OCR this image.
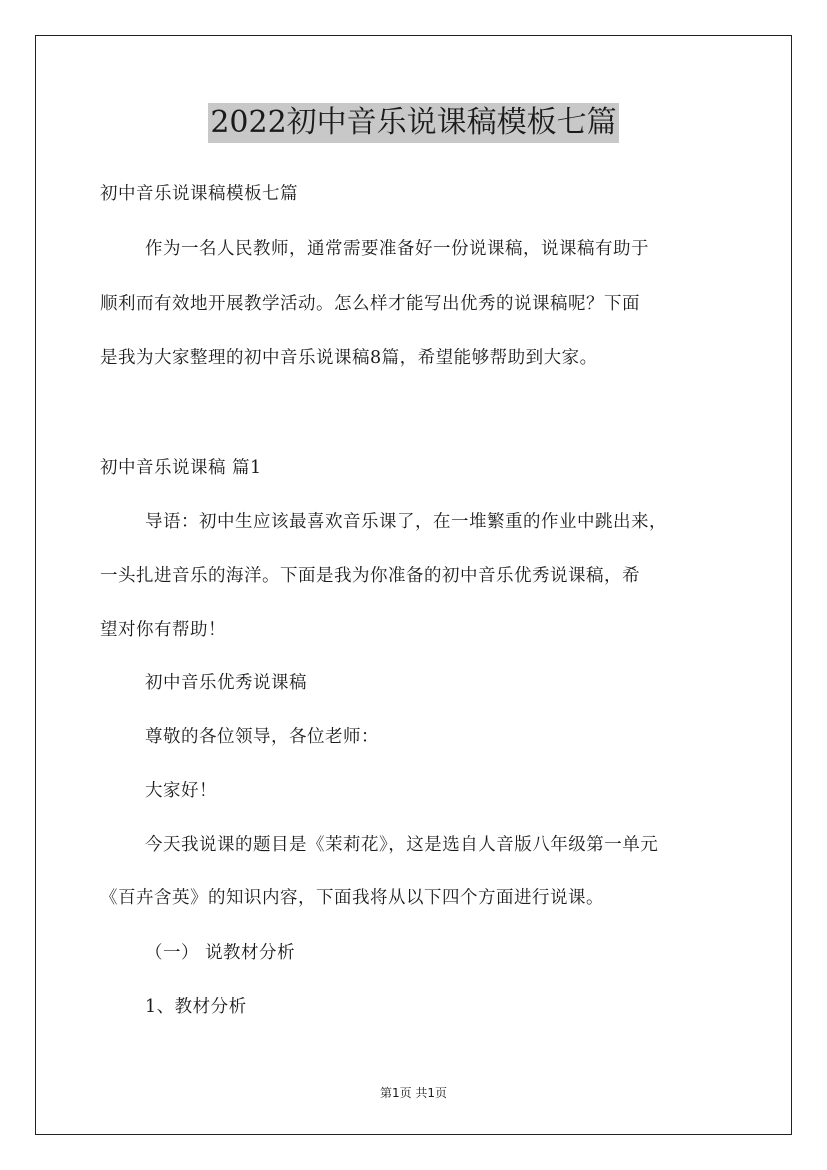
2022初中音乐说课稿模板七篇
初中音乐说课稿模板七篇
作为一名人民教师，通常需要准备好一份说课稿，说课稿有助于
顺利而有效地开展教学活动。怎么样才能写出优秀的说课稿呢？下面
是我为大家整理的初中音乐说课稿8篇，希望能够帮助到大家。
初中音乐说课稿 篇1
导语：初中生应该最喜欢音乐课了，在一堆繁重的作业中跳出来，
一头扎进音乐的海洋。下面是我为你准备的初中音乐优秀说课稿，希
望对你有帮助！
初中音乐优秀说课稿
尊敬的各位领导，各位老师：
大家好！
今天我说课的题目是《茉莉花》，这是选自人音版八年级第一单元
《百卉含英》的知识内容，下面我将从以下四个方面进行说课。
（一） 说教材分析
1、教材分析
第1页 共1页
